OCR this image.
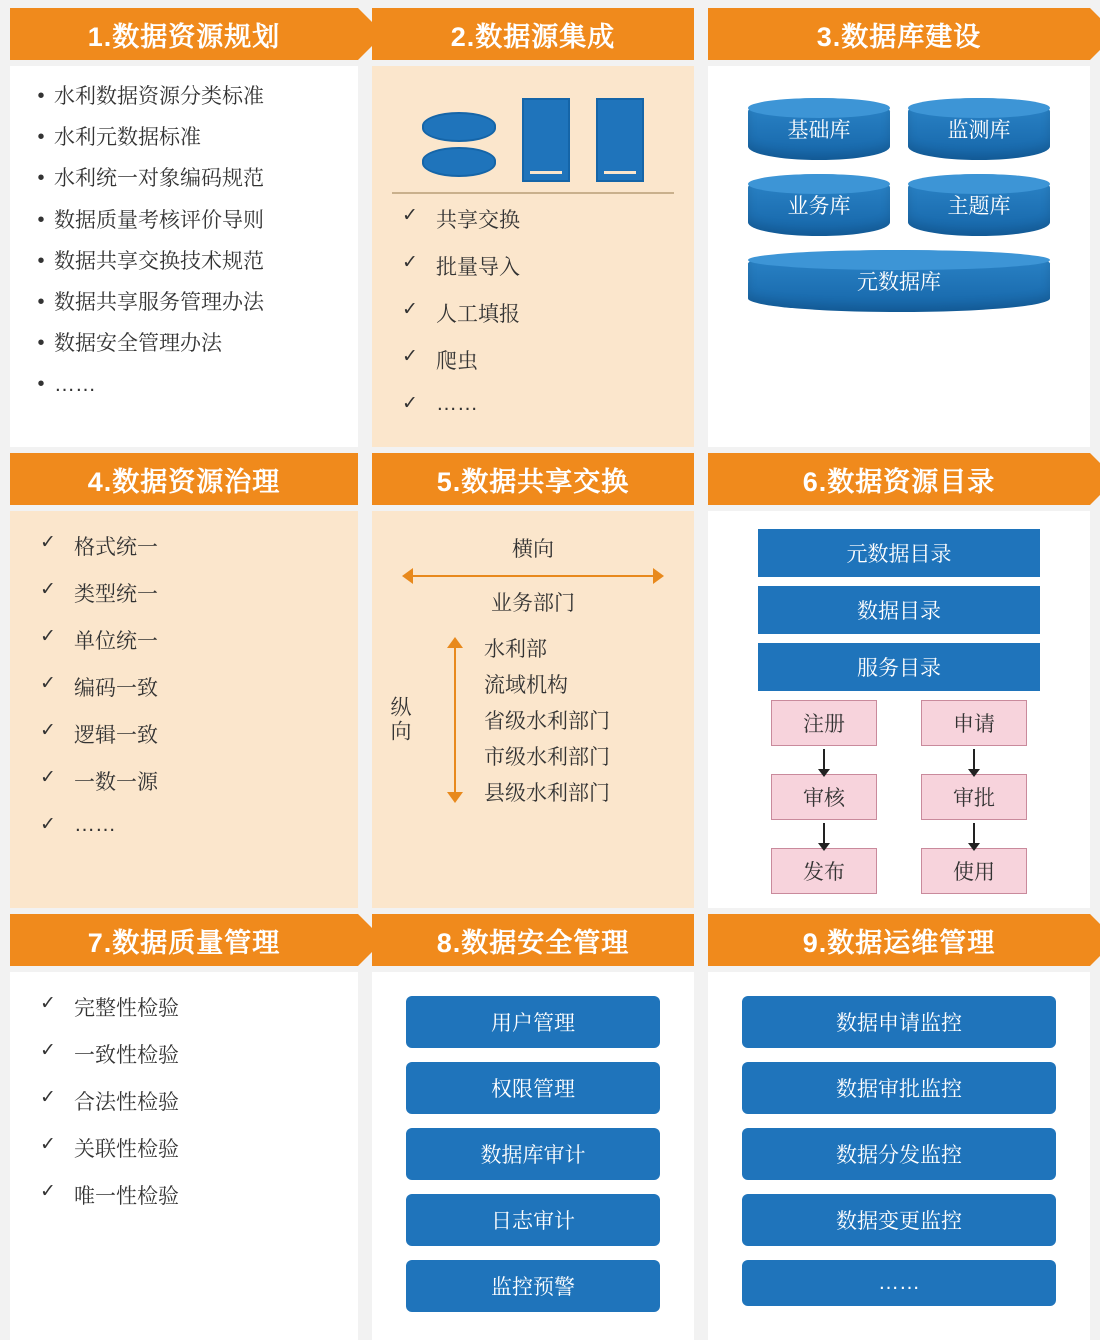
1.数据资源规划
• 水利数据资源分类标准
• 水利元数据标准
• 水利统一对象编码规范
• 数据质量考核评价导则
• 数据共享交换技术规范
• 数据共享服务管理办法
• 数据安全管理办法
• ……
2.数据源集成
✓ 共享交换
✓ 批量导入
✓ 人工填报
✓ 爬虫
✓ ……
3.数据库建设
基础库	监测库
业务库	主题库
元数据库
4.数据资源治理
✓ 格式统一
✓ 类型统一
✓ 单位统一
✓ 编码一致
✓ 逻辑一致
✓ 一数一源
✓ ……
5.数据共享交换
横向
业务部门
纵向
水利部
流域机构
省级水利部门
市级水利部门
县级水利部门
6.数据资源目录
元数据目录
数据目录
服务目录
注册
审核
发布
申请
审批
使用
7.数据质量管理
✓ 完整性检验
✓ 一致性检验
✓ 合法性检验
✓ 关联性检验
✓ 唯一性检验
8.数据安全管理
用户管理
权限管理
数据库审计
日志审计
监控预警
9.数据运维管理
数据申请监控
数据审批监控
数据分发监控
数据变更监控
……
